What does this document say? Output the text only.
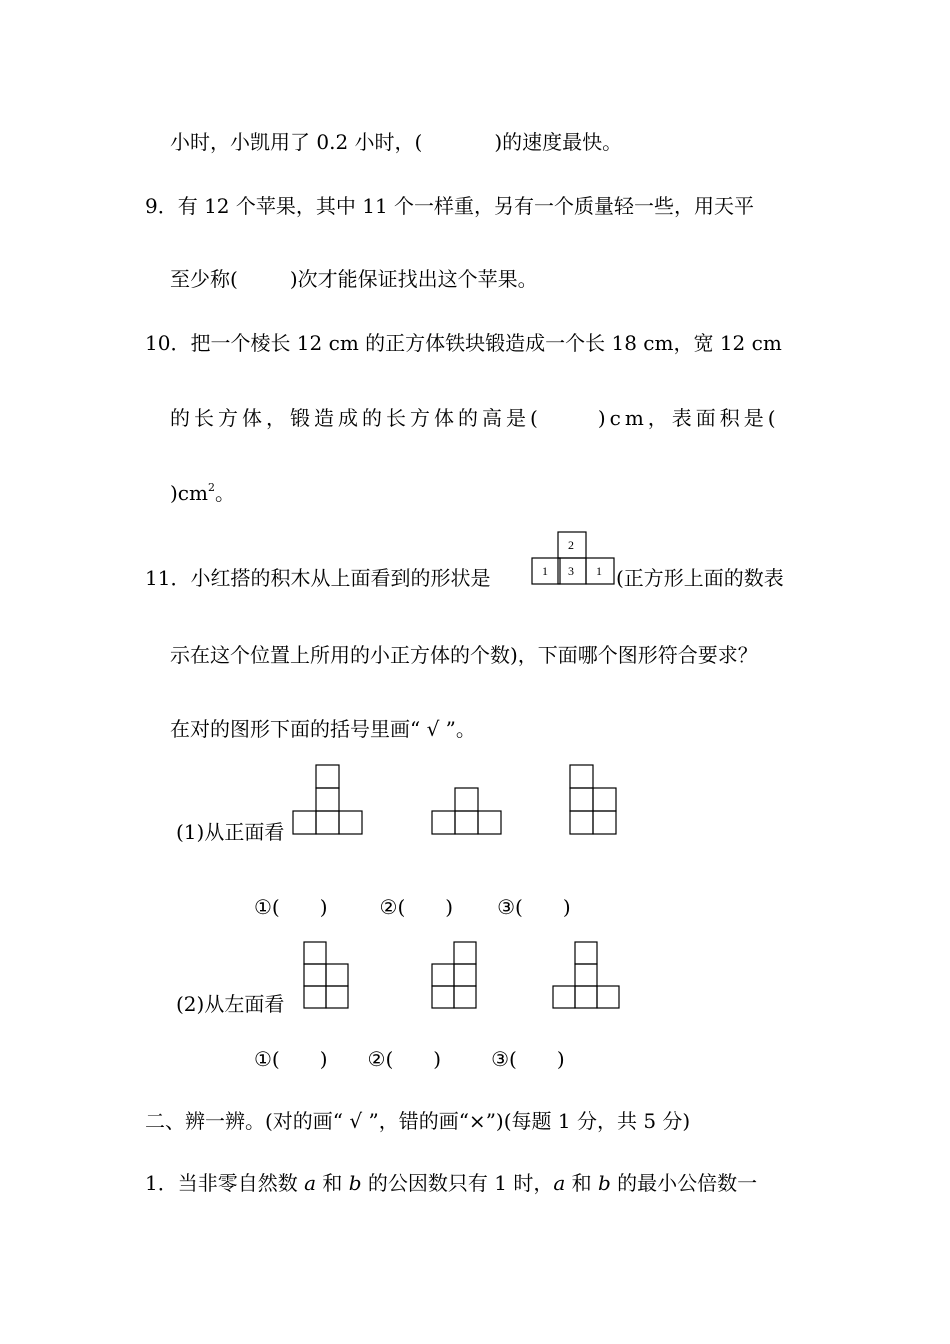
小时，小凯用了 0.2 小时，(	)的速度最快。
9．有 12 个苹果，其中 11 个一样重，另有一个质量轻一些，用天平
至少称(	)次才能保证找出这个苹果。
10．把一个棱长 12 cm 的正方体铁块锻造成一个长 18 cm，宽 12 cm
的长方体，锻造成的长方体的高是(	)cm，表面积是(
)$cm^2$。
11．小红搭的积木从上面看到的形状是
2
1 3 1 (正方形上面的数表
示在这个位置上所用的小正方体的个数)，下面哪个图形符合要求？
在对的图形下面的括号里画“ √ ”。
(1)从正面看
①( )	②( ) ③( )
(2)从左面看
①( ) ②( )	③( )
二、辨一辨。(对的画“ √ ”，错的画“×”)(每题 1 分，共 5 分)
1．当非零自然数 a 和 b 的公因数只有 1 时，a 和 b 的最小公倍数一
